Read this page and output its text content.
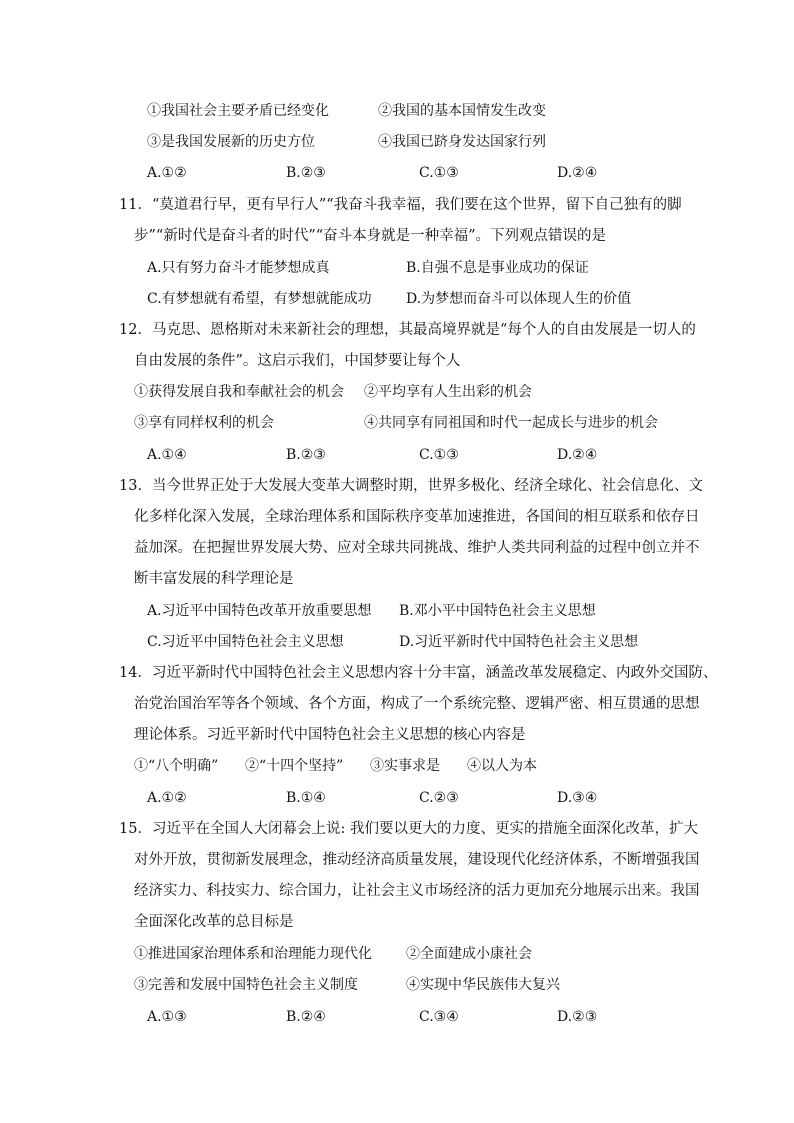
①我国社会主要矛盾已经变化	②我国的基本国情发生改变
③是我国发展新的历史方位	④我国已跻身发达国家行列
A.①②	B.②③	C.①③	D.②④
11．“莫道君行早，更有早行人”“我奋斗我幸福，我们要在这个世界，留下自己独有的脚
步”“新时代是奋斗者的时代”“奋斗本身就是一种幸福”。下列观点错误的是
A.只有努力奋斗才能梦想成真	B.自强不息是事业成功的保证
C.有梦想就有希望，有梦想就能成功 D.为梦想而奋斗可以体现人生的价值
12．马克思、恩格斯对未来新社会的理想，其最高境界就是“每个人的自由发展是一切人的
自由发展的条件”。这启示我们，中国梦要让每个人
①获得发展自我和奉献社会的机会 ②平均享有人生出彩的机会
③享有同样权利的机会	④共同享有同祖国和时代一起成长与进步的机会
A.①④	B.②③	C.①③	D.②④
13．当今世界正处于大发展大变革大调整时期，世界多极化、经济全球化、社会信息化、文
化多样化深入发展，全球治理体系和国际秩序变革加速推进，各国间的相互联系和依存日
益加深。在把握世界发展大势、应对全球共同挑战、维护人类共同利益的过程中创立并不
断丰富发展的科学理论是
A.习近平中国特色改革开放重要思想 B.邓小平中国特色社会主义思想
C.习近平中国特色社会主义思想	D.习近平新时代中国特色社会主义思想
14．习近平新时代中国特色社会主义思想内容十分丰富，涵盖改革发展稳定、内政外交国防、
治党治国治军等各个领域、各个方面，构成了一个系统完整、逻辑严密、相互贯通的思想
理论体系。习近平新时代中国特色社会主义思想的核心内容是
①“八个明确” ②“十四个坚持” ③实事求是 ④以人为本
A.①②	B.①④	C.②③	D.③④
15．习近平在全国人大闭幕会上说: 我们要以更大的力度、更实的措施全面深化改革，扩大
对外开放，贯彻新发展理念，推动经济高质量发展，建设现代化经济体系，不断增强我国
经济实力、科技实力、综合国力，让社会主义市场经济的活力更加充分地展示出来。我国
全面深化改革的总目标是
①推进国家治理体系和治理能力现代化 ②全面建成小康社会
③完善和发展中国特色社会主义制度	④实现中华民族伟大复兴
A.①③	B.②④	C.③④	D.②③
